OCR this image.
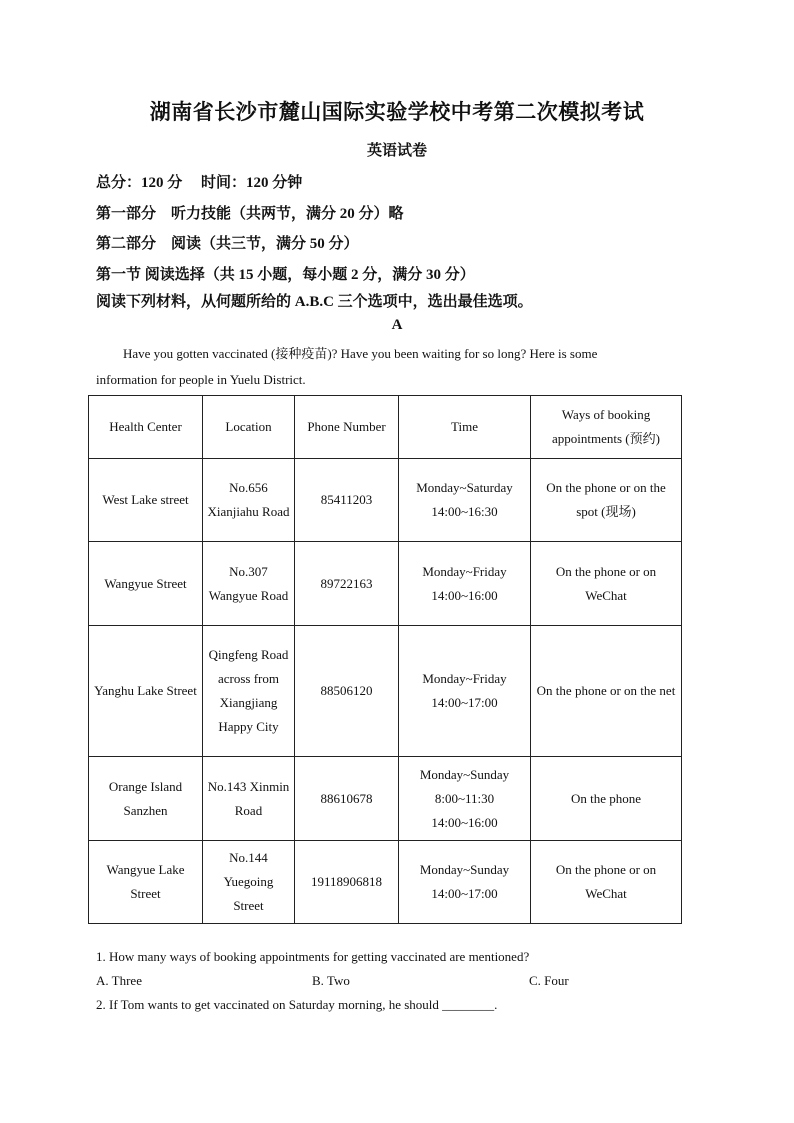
湖南省长沙市麓山国际实验学校中考第二次模拟考试
英语试卷
总分：120 分　 时间：120 分钟
第一部分　听力技能（共两节，满分 20 分）略
第二部分　阅读（共三节，满分 50 分）
第一节 阅读选择（共 15 小题，每小题 2 分，满分 30 分）
阅读下列材料，从何题所给的 A.B.C 三个选项中，选出最佳选项。
A
Have you gotten vaccinated (接种疫苗)? Have you been waiting for so long? Here is some
information for people in Yuelu District.
Health Center	Location	Phone Number	Time	Ways of booking appointments (预约)
West Lake street	No.656 Xianjiahu Road	85411203	Monday~Saturday 14:00~16:30	On the phone or on the spot (现场)
Wangyue Street	No.307 Wangyue Road	89722163	Monday~Friday 14:00~16:00	On the phone or on WeChat
Yanghu Lake Street	Qingfeng Road across from Xiangjiang Happy City	88506120	Monday~Friday 14:00~17:00	On the phone or on the net
Orange Island Sanzhen	No.143 Xinmin Road	88610678	Monday~Sunday 8:00~11:30 14:00~16:00	On the phone
Wangyue Lake Street	No.144 Yuegoing Street	19118906818	Monday~Sunday 14:00~17:00	On the phone or on WeChat
1. How many ways of booking appointments for getting vaccinated are mentioned?
A. Three	B. Two	C. Four
2. If Tom wants to get vaccinated on Saturday morning, he should ________.
